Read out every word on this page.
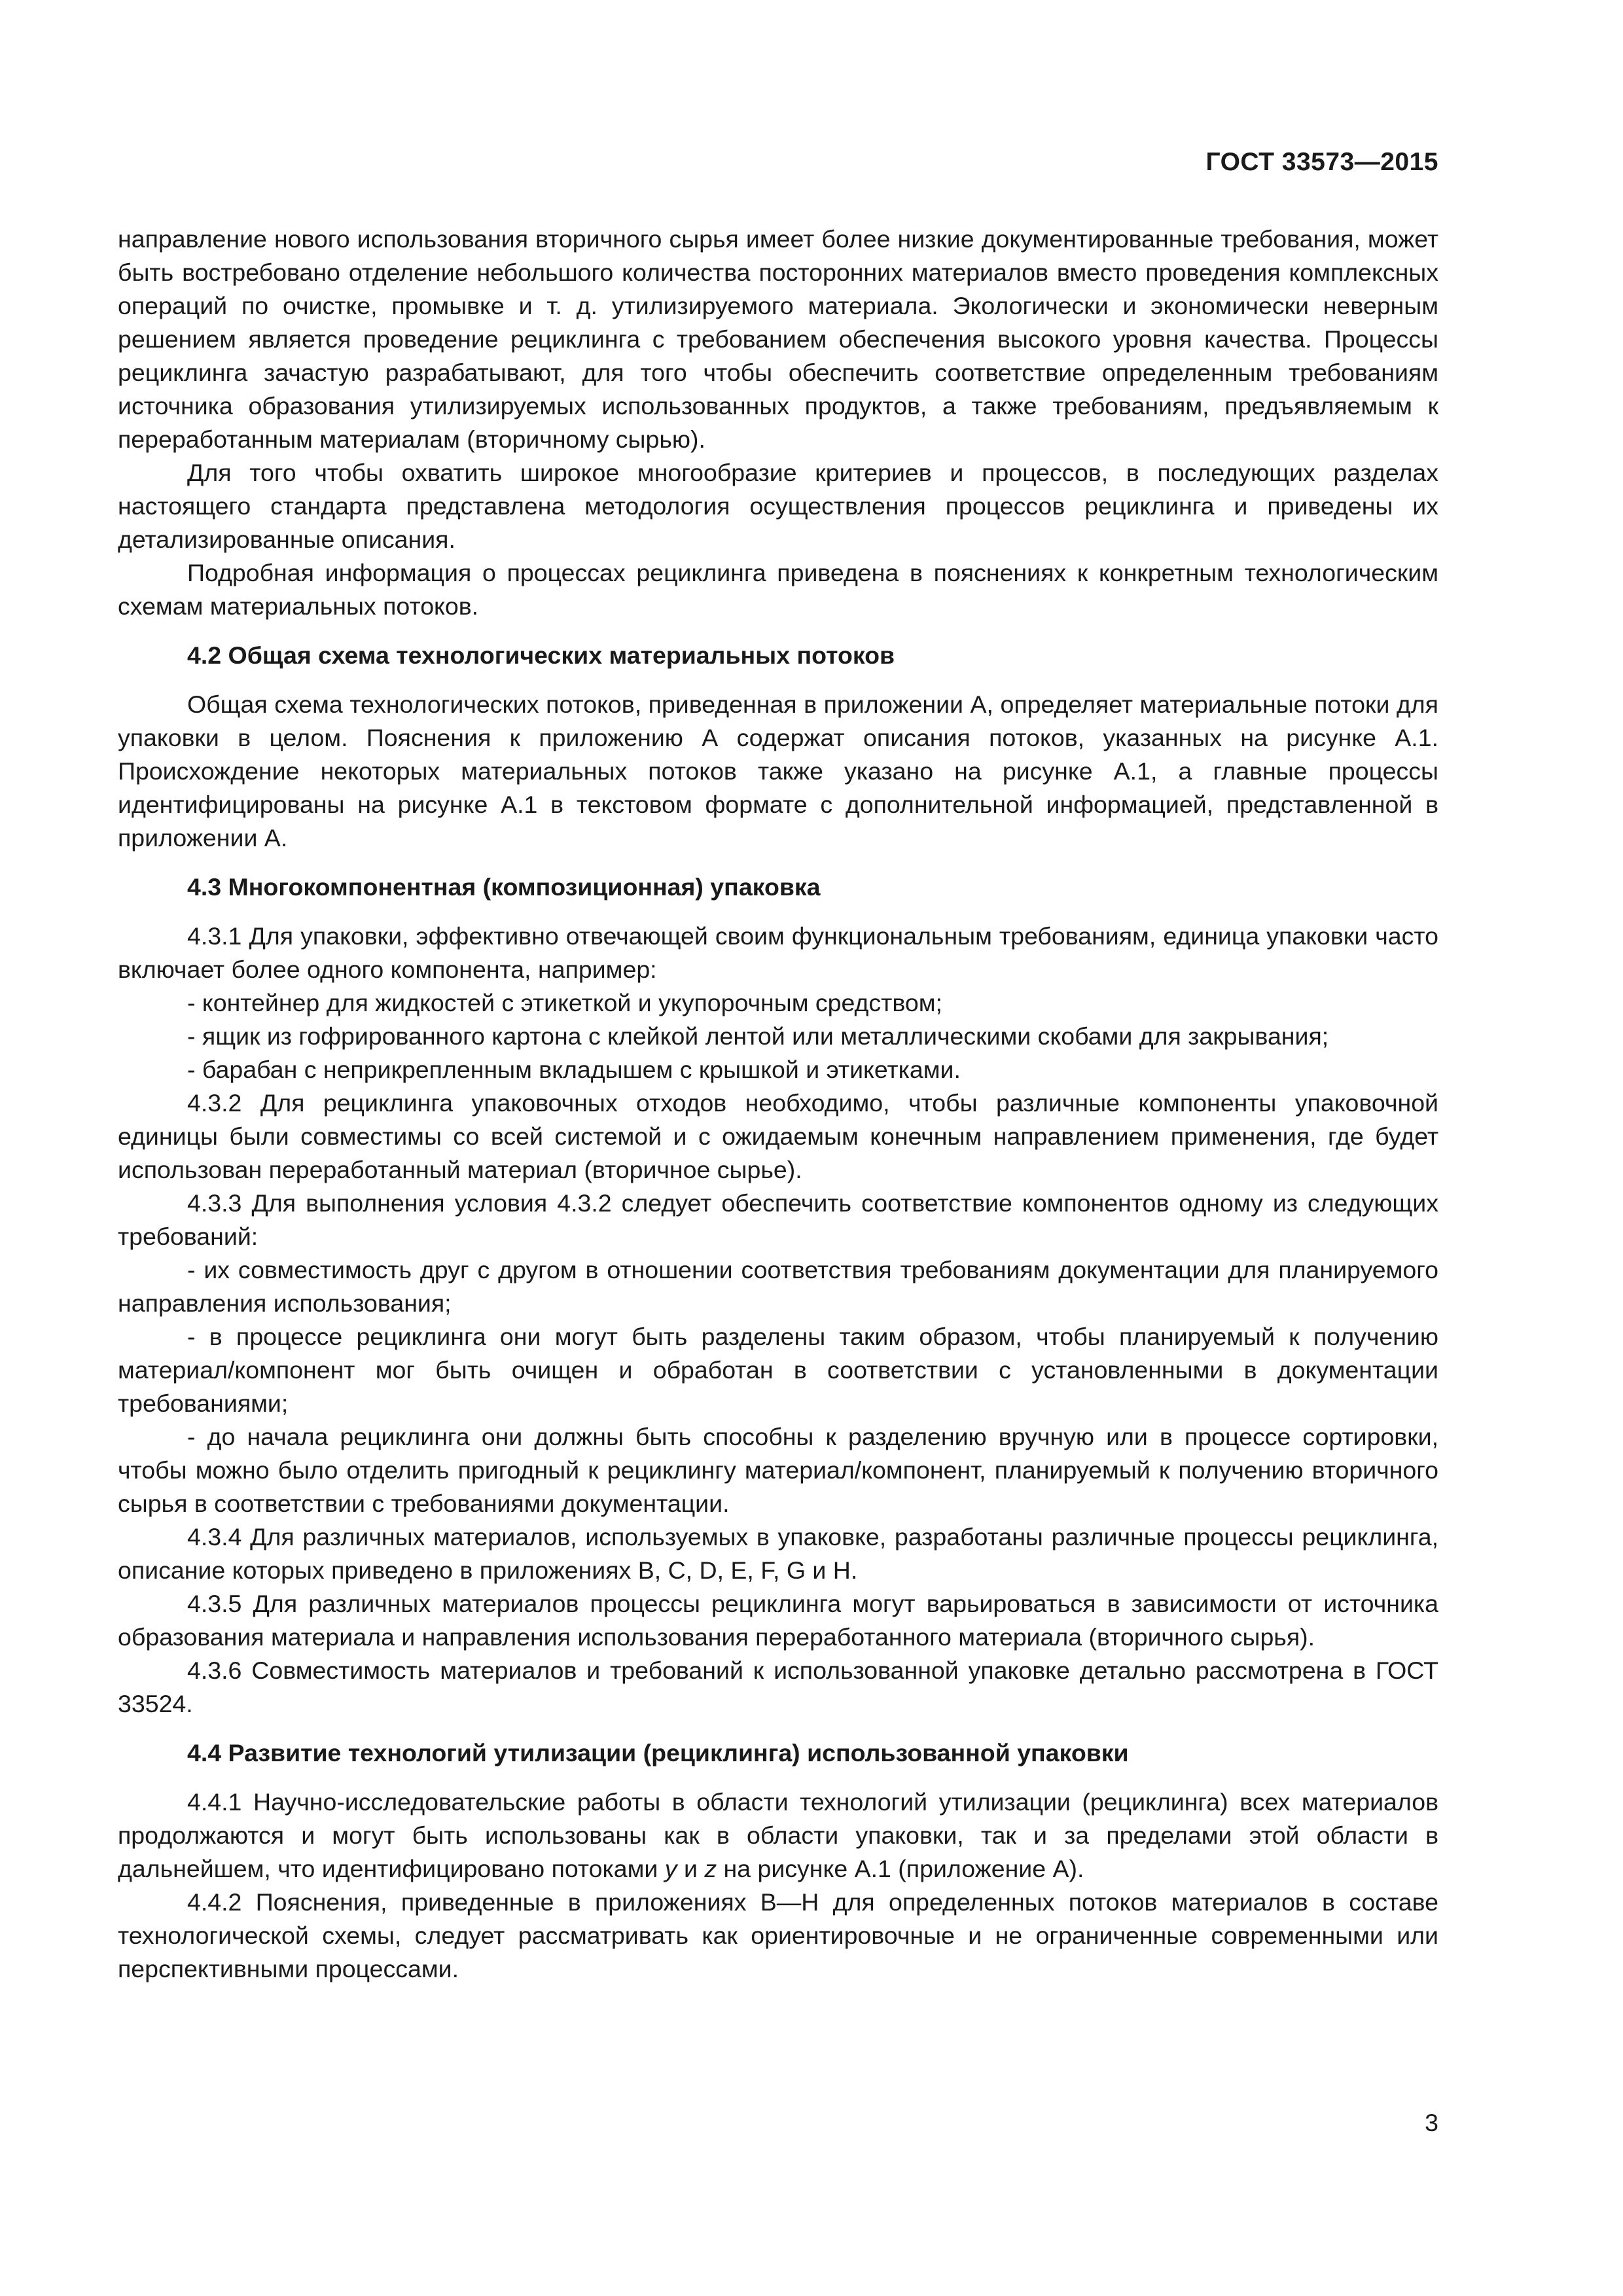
ГОСТ 33573—2015

направление нового использования вторичного сырья имеет более низкие документированные требования, может быть востребовано отделение небольшого количества посторонних материалов вместо проведения комплексных операций по очистке, промывке и т. д. утилизируемого материала. Экологически и экономически неверным решением является проведение рециклинга с требованием обеспечения высокого уровня качества. Процессы рециклинга зачастую разрабатывают, для того чтобы обеспечить соответствие определенным требованиям источника образования утилизируемых использованных продуктов, а также требованиям, предъявляемым к переработанным материалам (вторичному сырью).

Для того чтобы охватить широкое многообразие критериев и процессов, в последующих разделах настоящего стандарта представлена методология осуществления процессов рециклинга и приведены их детализированные описания.

Подробная информация о процессах рециклинга приведена в пояснениях к конкретным технологическим схемам материальных потоков.

4.2 Общая схема технологических материальных потоков

Общая схема технологических потоков, приведенная в приложении А, определяет материальные потоки для упаковки в целом. Пояснения к приложению А содержат описания потоков, указанных на рисунке А.1. Происхождение некоторых материальных потоков также указано на рисунке А.1, а главные процессы идентифицированы на рисунке А.1 в текстовом формате с дополнительной информацией, представленной в приложении А.

4.3 Многокомпонентная (композиционная) упаковка

4.3.1 Для упаковки, эффективно отвечающей своим функциональным требованиям, единица упаковки часто включает более одного компонента, например:

- контейнер для жидкостей с этикеткой и укупорочным средством;

- ящик из гофрированного картона с клейкой лентой или металлическими скобами для закрывания;

- барабан с неприкрепленным вкладышем с крышкой и этикетками.

4.3.2 Для рециклинга упаковочных отходов необходимо, чтобы различные компоненты упаковочной единицы были совместимы со всей системой и с ожидаемым конечным направлением применения, где будет использован переработанный материал (вторичное сырье).

4.3.3 Для выполнения условия 4.3.2 следует обеспечить соответствие компонентов одному из следующих требований:

- их совместимость друг с другом в отношении соответствия требованиям документации для планируемого направления использования;

- в процессе рециклинга они могут быть разделены таким образом, чтобы планируемый к получению материал/компонент мог быть очищен и обработан в соответствии с установленными в документации требованиями;

- до начала рециклинга они должны быть способны к разделению вручную или в процессе сортировки, чтобы можно было отделить пригодный к рециклингу материал/компонент, планируемый к получению вторичного сырья в соответствии с требованиями документации.

4.3.4 Для различных материалов, используемых в упаковке, разработаны различные процессы рециклинга, описание которых приведено в приложениях В, С, D, E, F, G и H.

4.3.5 Для различных материалов процессы рециклинга могут варьироваться в зависимости от источника образования материала и направления использования переработанного материала (вторичного сырья).

4.3.6 Совместимость материалов и требований к использованной упаковке детально рассмотрена в ГОСТ 33524.

4.4 Развитие технологий утилизации (рециклинга) использованной упаковки

4.4.1 Научно-исследовательские работы в области технологий утилизации (рециклинга) всех материалов продолжаются и могут быть использованы как в области упаковки, так и за пределами этой области в дальнейшем, что идентифицировано потоками y и z на рисунке А.1 (приложение А).

4.4.2 Пояснения, приведенные в приложениях В—Н для определенных потоков материалов в составе технологической схемы, следует рассматривать как ориентировочные и не ограниченные современными или перспективными процессами.

3
